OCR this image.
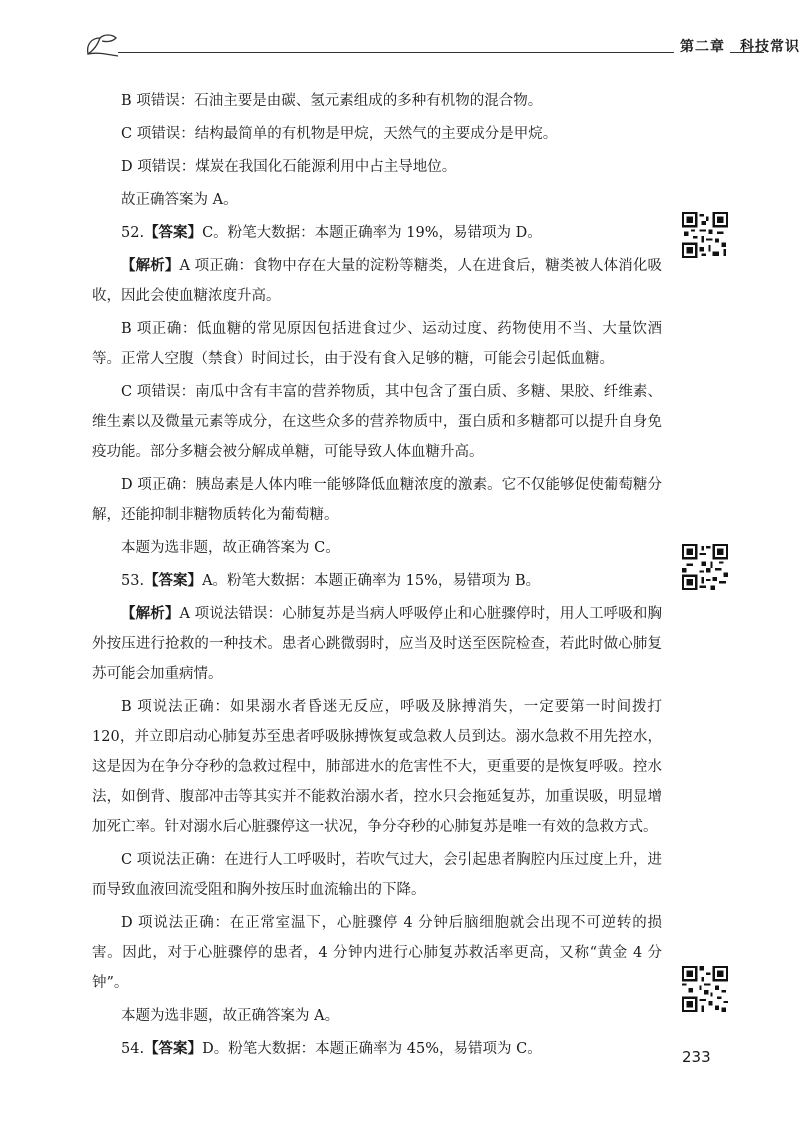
第二章　科技常识

B 项错误：石油主要是由碳、氢元素组成的多种有机物的混合物。

C 项错误：结构最简单的有机物是甲烷，天然气的主要成分是甲烷。

D 项错误：煤炭在我国化石能源利用中占主导地位。

故正确答案为 A。

52.【答案】C。粉笔大数据：本题正确率为 19%，易错项为 D。

【解析】A 项正确：食物中存在大量的淀粉等糖类，人在进食后，糖类被人体消化吸收，因此会使血糖浓度升高。

B 项正确：低血糖的常见原因包括进食过少、运动过度、药物使用不当、大量饮酒等。正常人空腹（禁食）时间过长，由于没有食入足够的糖，可能会引起低血糖。

C 项错误：南瓜中含有丰富的营养物质，其中包含了蛋白质、多糖、果胶、纤维素、维生素以及微量元素等成分，在这些众多的营养物质中，蛋白质和多糖都可以提升自身免疫功能。部分多糖会被分解成单糖，可能导致人体血糖升高。

D 项正确：胰岛素是人体内唯一能够降低血糖浓度的激素。它不仅能够促使葡萄糖分解，还能抑制非糖物质转化为葡萄糖。

本题为选非题，故正确答案为 C。

53.【答案】A。粉笔大数据：本题正确率为 15%，易错项为 B。

【解析】A 项说法错误：心肺复苏是当病人呼吸停止和心脏骤停时，用人工呼吸和胸外按压进行抢救的一种技术。患者心跳微弱时，应当及时送至医院检查，若此时做心肺复苏可能会加重病情。

B 项说法正确：如果溺水者昏迷无反应，呼吸及脉搏消失，一定要第一时间拨打 120，并立即启动心肺复苏至患者呼吸脉搏恢复或急救人员到达。溺水急救不用先控水，这是因为在争分夺秒的急救过程中，肺部进水的危害性不大，更重要的是恢复呼吸。控水法，如倒背、腹部冲击等其实并不能救治溺水者，控水只会拖延复苏，加重误吸，明显增加死亡率。针对溺水后心脏骤停这一状况，争分夺秒的心肺复苏是唯一有效的急救方式。

C 项说法正确：在进行人工呼吸时，若吹气过大，会引起患者胸腔内压过度上升，进而导致血液回流受阻和胸外按压时血流输出的下降。

D 项说法正确：在正常室温下，心脏骤停 4 分钟后脑细胞就会出现不可逆转的损害。因此，对于心脏骤停的患者，4 分钟内进行心肺复苏救活率更高，又称“黄金 4 分钟”。

本题为选非题，故正确答案为 A。

54.【答案】D。粉笔大数据：本题正确率为 45%，易错项为 C。	233
